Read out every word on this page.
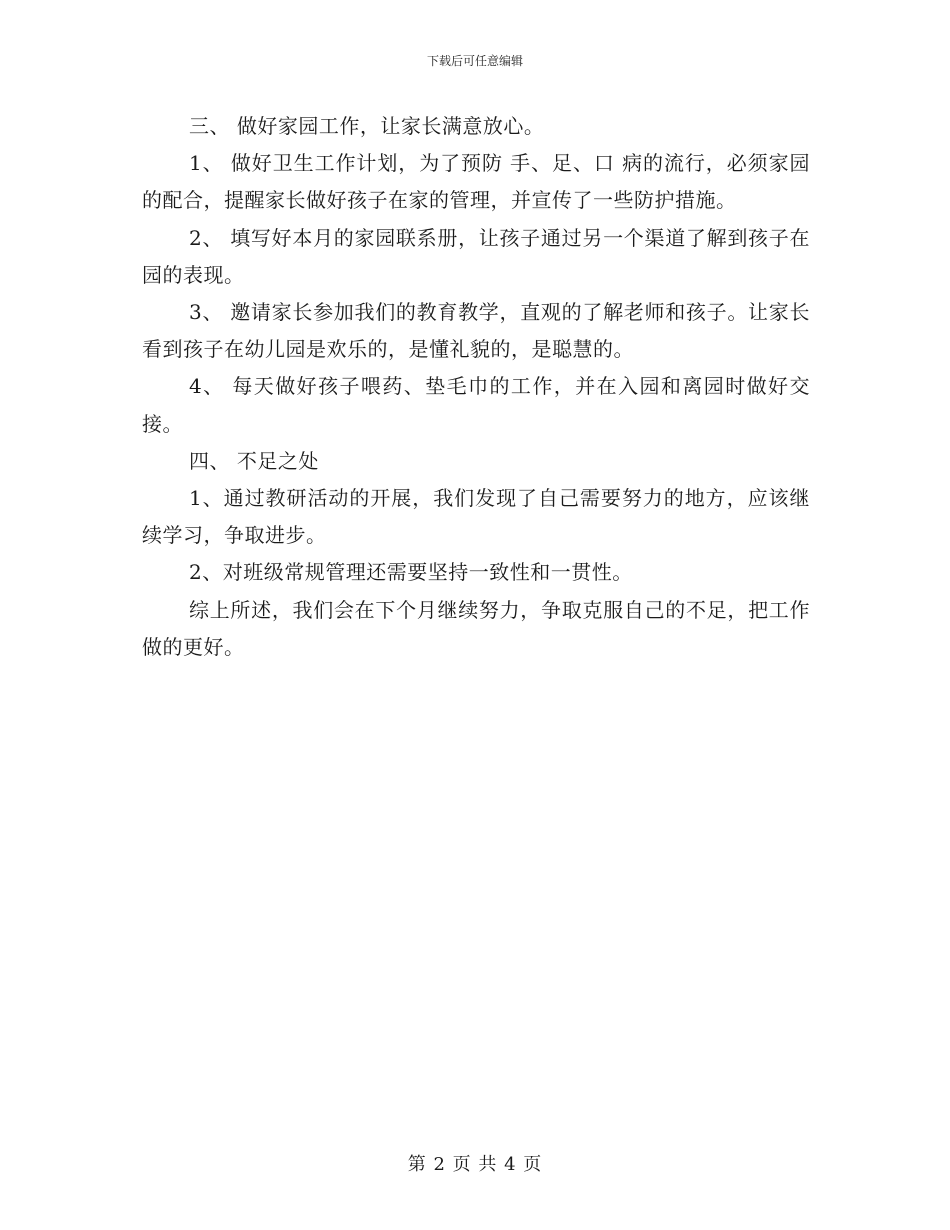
下载后可任意编辑

三、 做好家园工作，让家长满意放心。

1、 做好卫生工作计划，为了预防 手、足、口 病的流行，必须家园的配合，提醒家长做好孩子在家的管理，并宣传了一些防护措施。

2、 填写好本月的家园联系册，让孩子通过另一个渠道了解到孩子在园的表现。

3、 邀请家长参加我们的教育教学，直观的了解老师和孩子。让家长看到孩子在幼儿园是欢乐的，是懂礼貌的，是聪慧的。

4、 每天做好孩子喂药、垫毛巾的工作，并在入园和离园时做好交接。

四、 不足之处

1、通过教研活动的开展，我们发现了自己需要努力的地方，应该继续学习，争取进步。

2、对班级常规管理还需要坚持一致性和一贯性。

综上所述，我们会在下个月继续努力，争取克服自己的不足，把工作做的更好。

第 2 页 共 4 页
